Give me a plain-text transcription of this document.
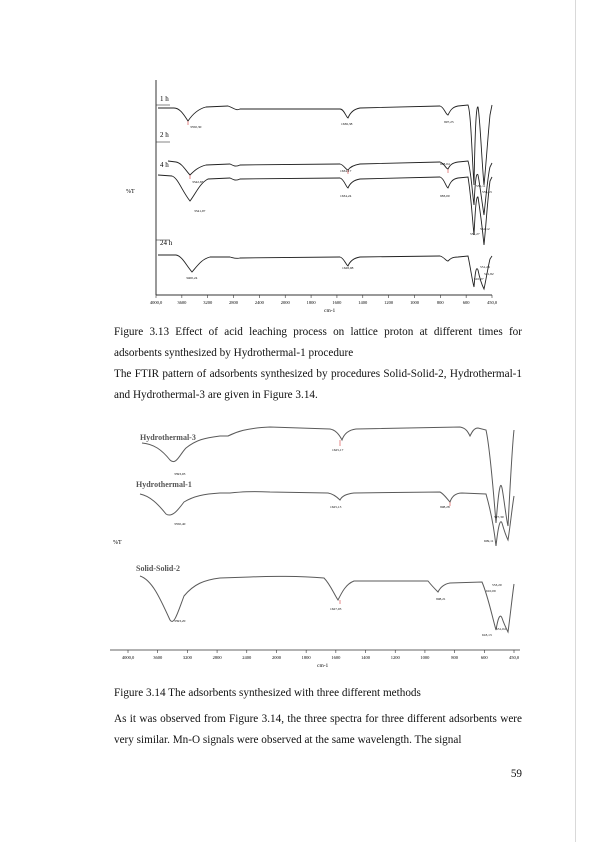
4000,0	3600	3200	2800	2400	2000	1800	1600	1400	1200	1000	800	600	450,0
%T
cm-1
1 h
3350,30
1636,38	997,25
2 h
4 h
3342,83
1634,17
988,04
551,11
555,53
3341,97
1634,24	983,00
551,27
551,12
24 h
3400,24
1628,98	551,24
521,82
510,27

Figure 3.13 Effect of acid leaching process on lattice proton at different times for adsorbents synthesized by Hydrothermal-1 procedure

The FTIR pattern of adsorbents synthesized by procedures Solid-Solid-2, Hydrothermal-1 and Hydrothermal-3 are given in Figure 3.14.

4000,0	3600	3200	2800	2400	2000	1800	1600	1400	1200	1000	800	600	450,0
%T
cm-1
Hydrothermal-3
3393,03
1625,17
Hydrothermal-1
3350,40
1625,13	998,28
527,30
609,11
Solid-Solid-2
3393,20
1627,03
998,21
553,20
610,09
551,04
618,13

Figure 3.14 The adsorbents synthesized with three different methods

As it was observed from Figure 3.14, the three spectra for three different adsorbents were very similar. Mn-O signals were observed at the same wavelength. The signal

59
